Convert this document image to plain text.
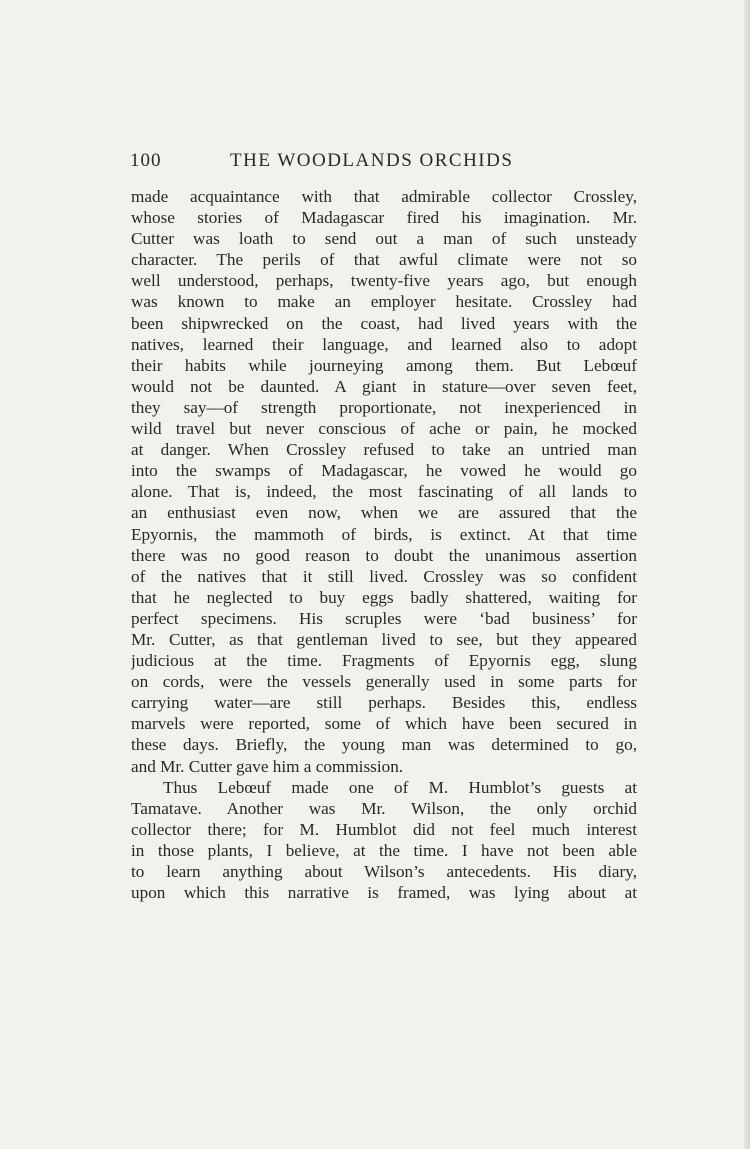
100	THE WOODLANDS ORCHIDS
made acquaintance with that admirable collector Crossley,
whose stories of Madagascar fired his imagination. Mr.
Cutter was loath to send out a man of such unsteady
character. The perils of that awful climate were not so
well understood, perhaps, twenty-five years ago, but enough
was known to make an employer hesitate. Crossley had
been shipwrecked on the coast, had lived years with the
natives, learned their language, and learned also to adopt
their habits while journeying among them. But Lebœuf
would not be daunted. A giant in stature—over seven feet,
they say—of strength proportionate, not inexperienced in
wild travel but never conscious of ache or pain, he mocked
at danger. When Crossley refused to take an untried man
into the swamps of Madagascar, he vowed he would go
alone. That is, indeed, the most fascinating of all lands to
an enthusiast even now, when we are assured that the
Epyornis, the mammoth of birds, is extinct. At that time
there was no good reason to doubt the unanimous assertion
of the natives that it still lived. Crossley was so confident
that he neglected to buy eggs badly shattered, waiting for
perfect specimens. His scruples were ‘bad business’ for
Mr. Cutter, as that gentleman lived to see, but they appeared
judicious at the time. Fragments of Epyornis egg, slung
on cords, were the vessels generally used in some parts for
carrying water—are still perhaps. Besides this, endless
marvels were reported, some of which have been secured in
these days. Briefly, the young man was determined to go,
and Mr. Cutter gave him a commission.
Thus Lebœuf made one of M. Humblot’s guests at
Tamatave. Another was Mr. Wilson, the only orchid
collector there; for M. Humblot did not feel much interest
in those plants, I believe, at the time. I have not been able
to learn anything about Wilson’s antecedents. His diary,
upon which this narrative is framed, was lying about at
